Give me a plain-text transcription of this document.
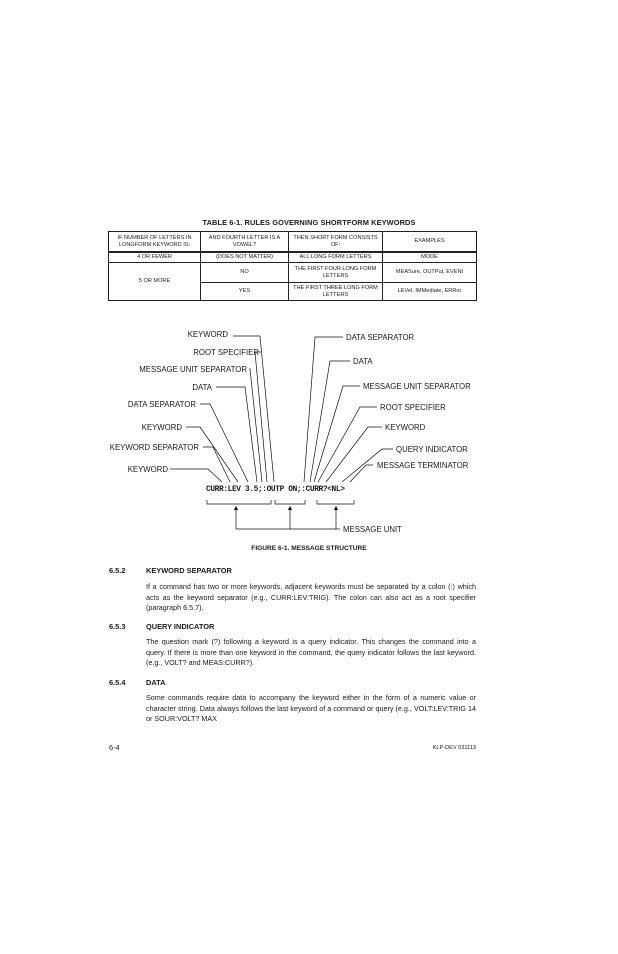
TABLE 6-1. RULES GOVERNING SHORTFORM KEYWORDS
IF NUMBER OF LETTERS IN LONGFORM KEYWORD IS:	AND FOURTH LETTER IS A VOWEL?	THEN SHORT FORM CONSISTS OF:	EXAMPLES
4 OR FEWER	(DOES NOT MATTER)	ALL LONG FORM LETTERS	MODE
5 OR MORE	NO	THE FIRST FOUR LONG FORM LETTERS	MEASure, OUTPut, EVENt
	YES	THE FIRST THREE LONG FORM LETTERS	LEVel, IMMediate, ERRor
KEYWORD
ROOT SPECIFIER
MESSAGE UNIT SEPARATOR
DATA
DATA SEPARATOR
KEYWORD
KEYWORD SEPARATOR
KEYWORD
DATA SEPARATOR
DATA
MESSAGE UNIT SEPARATOR
ROOT SPECIFIER
KEYWORD
QUERY INDICATOR
MESSAGE TERMINATOR
CURR:LEV 3.5;:OUTP ON;:CURR?<NL>
MESSAGE UNIT
FIGURE 6-1. MESSAGE STRUCTURE
6.5.2	KEYWORD SEPARATOR
If a command has two or more keywords, adjacent keywords must be separated by a colon (:) which acts as the keyword separator (e.g., CURR:LEV:TRIG). The colon can also act as a root specifier (paragraph 6.5.7).
6.5.3	QUERY INDICATOR
The question mark (?) following a keyword is a query indicator. This changes the command into a query. If there is more than one keyword in the command, the query indicator follows the last keyword. (e.g., VOLT? and MEAS:CURR?).
6.5.4	DATA
Some commands require data to accompany the keyword either in the form of a numeric value or character string. Data always follows the last keyword of a command or query (e.g., VOLT:LEV:TRIG 14 or SOUR:VOLT? MAX
6-4	KLP-DEV 031113
